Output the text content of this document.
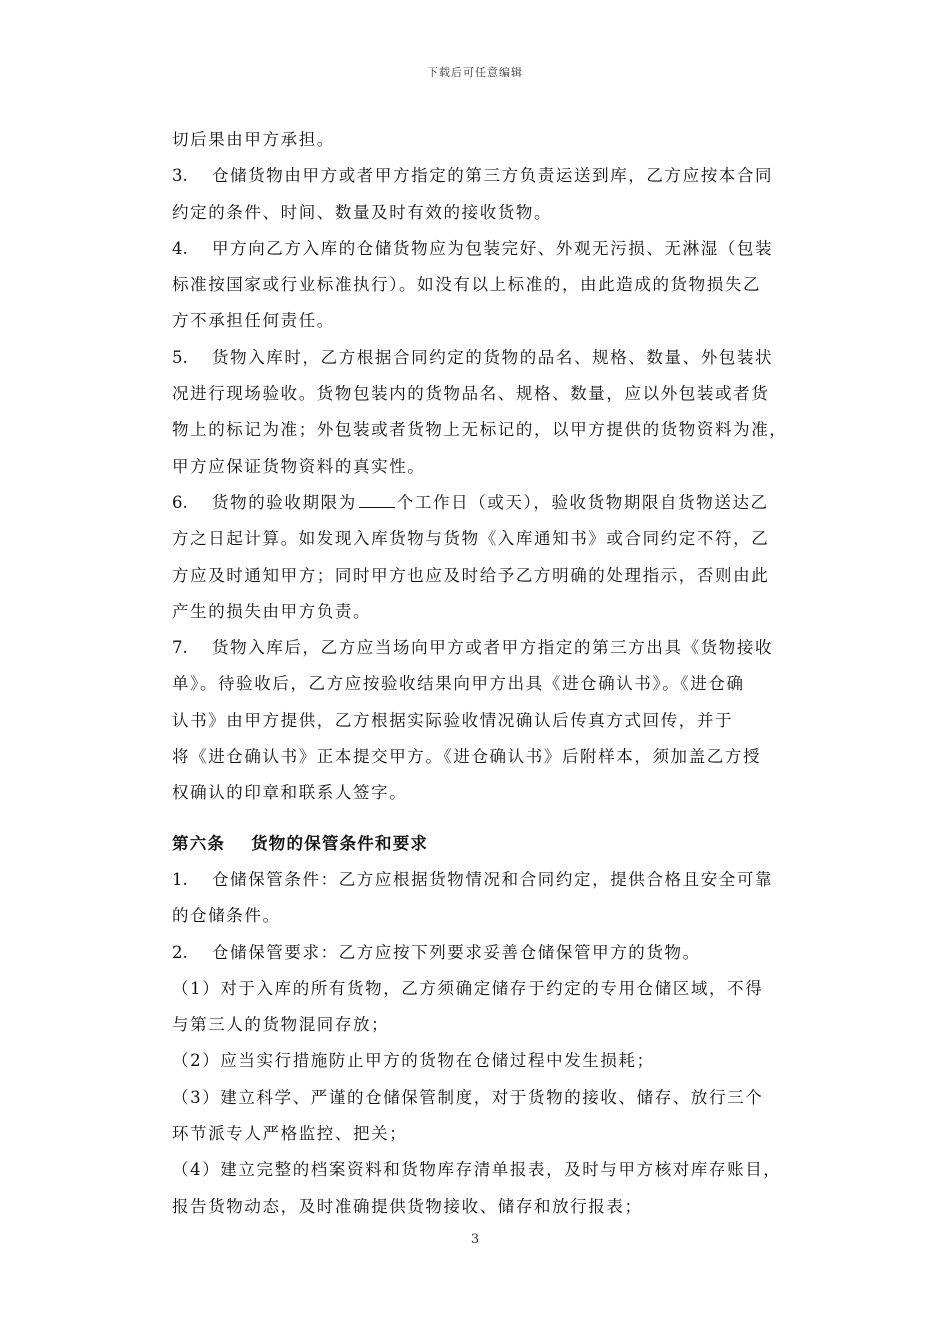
下载后可任意编辑
切后果由甲方承担。
3. 仓储货物由甲方或者甲方指定的第三方负责运送到库，乙方应按本合同
约定的条件、时间、数量及时有效的接收货物。
4. 甲方向乙方入库的仓储货物应为包装完好、外观无污损、无淋湿（包装
标准按国家或行业标准执行）。如没有以上标准的，由此造成的货物损失乙
方不承担任何责任。
5. 货物入库时，乙方根据合同约定的货物的品名、规格、数量、外包装状
况进行现场验收。货物包装内的货物品名、规格、数量，应以外包装或者货
物上的标记为准；外包装或者货物上无标记的，以甲方提供的货物资料为准，
甲方应保证货物资料的真实性。
6. 货物的验收期限为 个工作日（或天），验收货物期限自货物送达乙
方之日起计算。如发现入库货物与货物《入库通知书》或合同约定不符，乙
方应及时通知甲方；同时甲方也应及时给予乙方明确的处理指示，否则由此
产生的损失由甲方负责。
7. 货物入库后，乙方应当场向甲方或者甲方指定的第三方出具《货物接收
单》。待验收后，乙方应按验收结果向甲方出具《进仓确认书》。《进仓确
认书》由甲方提供，乙方根据实际验收情况确认后传真方式回传，并于
将《进仓确认书》正本提交甲方。《进仓确认书》后附样本，须加盖乙方授
权确认的印章和联系人签字。
第六条 货物的保管条件和要求
1. 仓储保管条件：乙方应根据货物情况和合同约定，提供合格且安全可靠
的仓储条件。
2. 仓储保管要求：乙方应按下列要求妥善仓储保管甲方的货物。
（1）对于入库的所有货物，乙方须确定储存于约定的专用仓储区域，不得
与第三人的货物混同存放；
（2）应当实行措施防止甲方的货物在仓储过程中发生损耗；
（3）建立科学、严谨的仓储保管制度，对于货物的接收、储存、放行三个
环节派专人严格监控、把关；
（4）建立完整的档案资料和货物库存清单报表，及时与甲方核对库存账目，
报告货物动态，及时准确提供货物接收、储存和放行报表；
3
